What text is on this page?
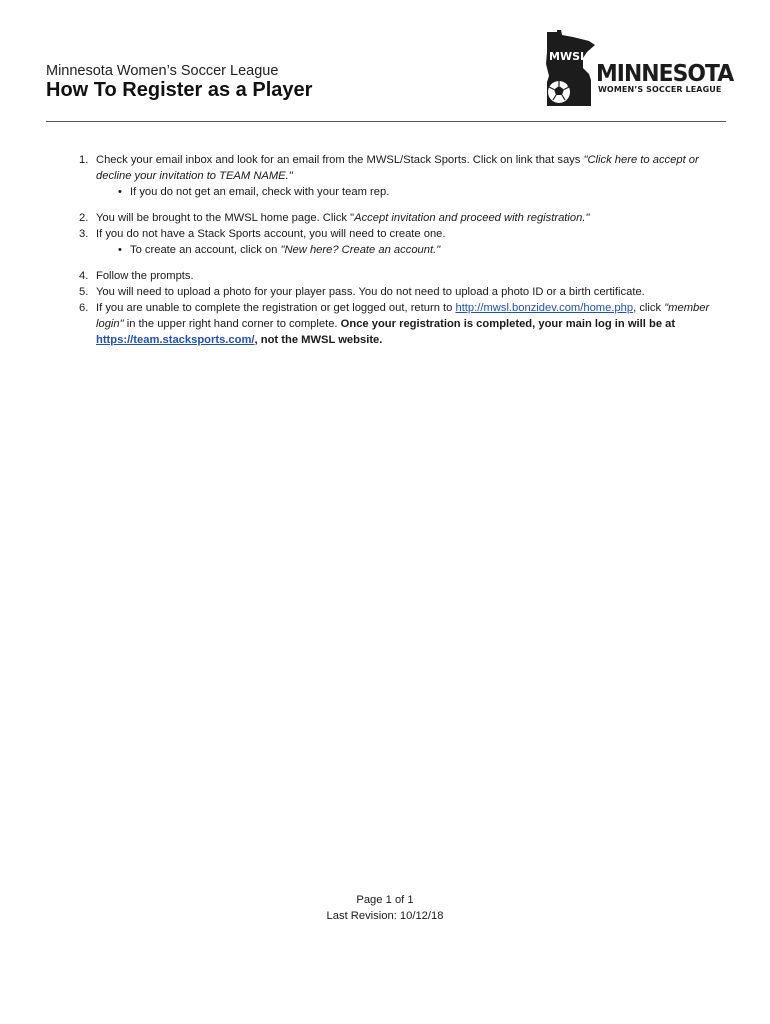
Minnesota Women’s Soccer League
How To Register as a Player
MWSL
MINNESOTA
WOMEN’S SOCCER LEAGUE
1. Check your email inbox and look for an email from the MWSL/Stack Sports. Click on link that says "Click here to accept or decline your invitation to TEAM NAME."
• If you do not get an email, check with your team rep.
2. You will be brought to the MWSL home page. Click "Accept invitation and proceed with registration."
3. If you do not have a Stack Sports account, you will need to create one.
• To create an account, click on "New here? Create an account."
4. Follow the prompts.
5. You will need to upload a photo for your player pass. You do not need to upload a photo ID or a birth certificate.
6. If you are unable to complete the registration or get logged out, return to http://mwsl.bonzidev.com/home.php, click "member login" in the upper right hand corner to complete. Once your registration is completed, your main log in will be at https://team.stacksports.com/, not the MWSL website.
Page 1 of 1
Last Revision: 10/12/18
